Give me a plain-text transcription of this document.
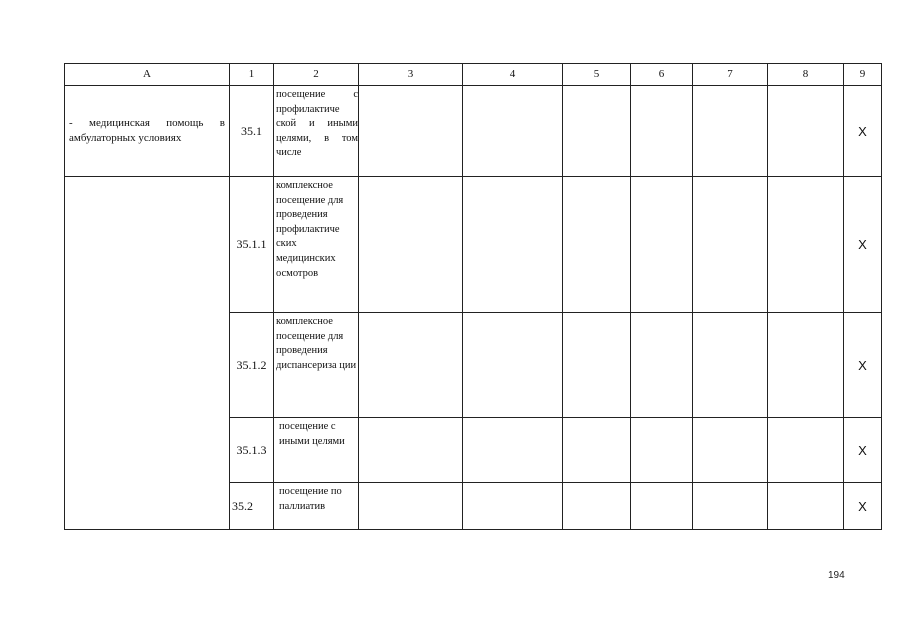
А	1	2	3	4	5	6	7	8	9
- медицинская помощь в амбулаторных условиях	35.1	посещение с профилактиче ской и иными целями, в том числе							Х
	35.1.1	комплексное посещение для проведения профилактиче ских медицинских осмотров							Х
	35.1.2	комплексное посещение для проведения диспансериза ции							Х
	35.1.3	посещение с иными целями							Х
	35.2	посещение по паллиатив							Х
194
